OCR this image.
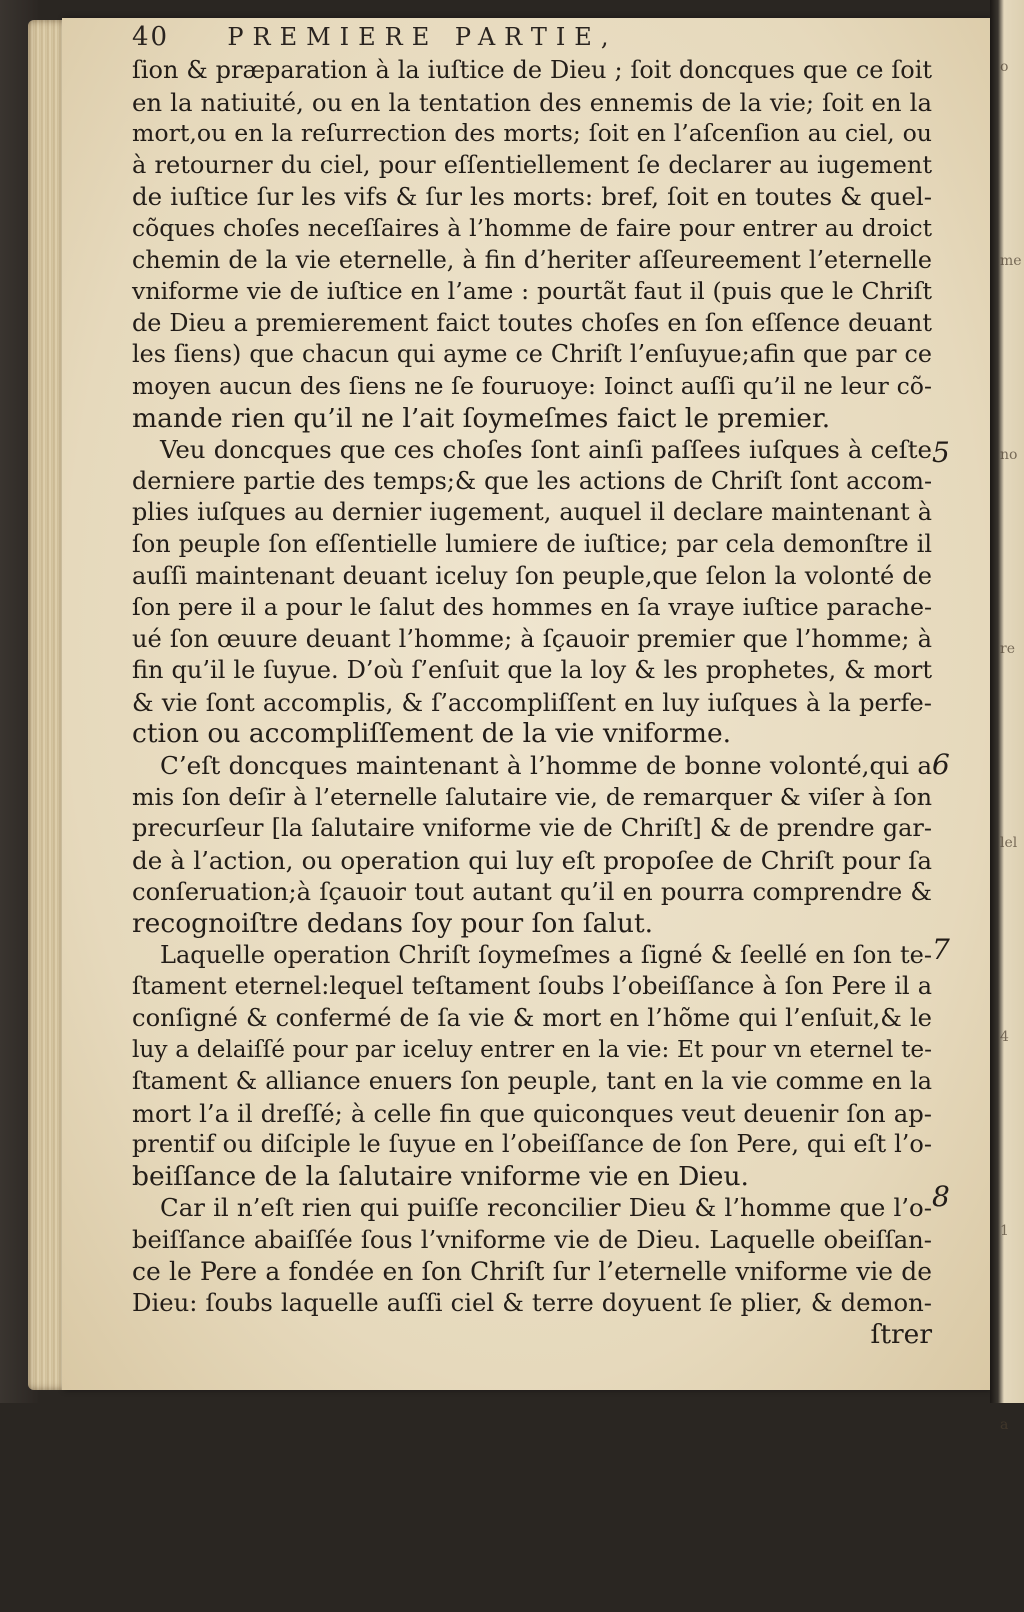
o
me
no
re
lel
4
1
a
40 PREMIERE PARTIE,
ſion & præparation à la iuſtice de Dieu ; ſoit doncques que ce ſoit
en la natiuité, ou en la tentation des ennemis de la vie; ſoit en la
mort,ou en la reſurrection des morts; ſoit en l’aſcenſion au ciel, ou
à retourner du ciel, pour eſſentiellement ſe declarer au iugement
de iuſtice ſur les vifs & ſur les morts: bref, ſoit en toutes & quel-
cõques choſes neceſſaires à l’homme de faire pour entrer au droict
chemin de la vie eternelle, à fin d’heriter aſſeureement l’eternelle
vniforme vie de iuſtice en l’ame : pourtãt faut il (puis que le Chriſt
de Dieu a premierement faict toutes choſes en ſon eſſence deuant
les ſiens) que chacun qui ayme ce Chriſt l’enſuyue;afin que par ce
moyen aucun des ſiens ne ſe fouruoye: Ioinct auſſi qu’il ne leur cõ-
mande rien qu’il ne l’ait ſoymeſmes faict le premier.
Veu doncques que ces choſes ſont ainſi paſſees iuſques à ceſte
derniere partie des temps;& que les actions de Chriſt ſont accom-
plies iuſques au dernier iugement, auquel il declare maintenant à
ſon peuple ſon eſſentielle lumiere de iuſtice; par cela demonſtre il
auſſi maintenant deuant iceluy ſon peuple,que ſelon la volonté de
ſon pere il a pour le ſalut des hommes en ſa vraye iuſtice parache-
ué ſon œuure deuant l’homme; à ſçauoir premier que l’homme; à
fin qu’il le ſuyue. D’où ſ’enſuit que la loy & les prophetes, & mort
& vie ſont accomplis, & ſ’accompliſſent en luy iuſques à la perfe-
ction ou accompliſſement de la vie vniforme.
C’eſt doncques maintenant à l’homme de bonne volonté,qui a
mis ſon deſir à l’eternelle ſalutaire vie, de remarquer & viſer à ſon
precurſeur [la ſalutaire vniforme vie de Chriſt] & de prendre gar-
de à l’action, ou operation qui luy eſt propoſee de Chriſt pour ſa
conſeruation;à ſçauoir tout autant qu’il en pourra comprendre &
recognoiſtre dedans ſoy pour ſon ſalut.
Laquelle operation Chriſt ſoymeſmes a ſigné & ſeellé en ſon te-
ſtament eternel:lequel teſtament ſoubs l’obeiſſance à ſon Pere il a
conſigné & confermé de ſa vie & mort en l’hõme qui l’enſuit,& le
luy a delaiſſé pour par iceluy entrer en la vie: Et pour vn eternel te-
ſtament & alliance enuers ſon peuple, tant en la vie comme en la
mort l’a il dreſſé; à celle fin que quiconques veut deuenir ſon ap-
prentif ou diſciple le ſuyue en l’obeiſſance de ſon Pere, qui eſt l’o-
beiſſance de la ſalutaire vniforme vie en Dieu.
Car il n’eſt rien qui puiſſe reconcilier Dieu & l’homme que l’o-
beiſſance abaiſſée ſous l’vniforme vie de Dieu. Laquelle obeiſſan-
ce le Pere a fondée en ſon Chriſt ſur l’eternelle vniforme vie de
Dieu: ſoubs laquelle auſſi ciel & terre doyuent ſe plier, & demon-
ſtrer
5
6
7
8
